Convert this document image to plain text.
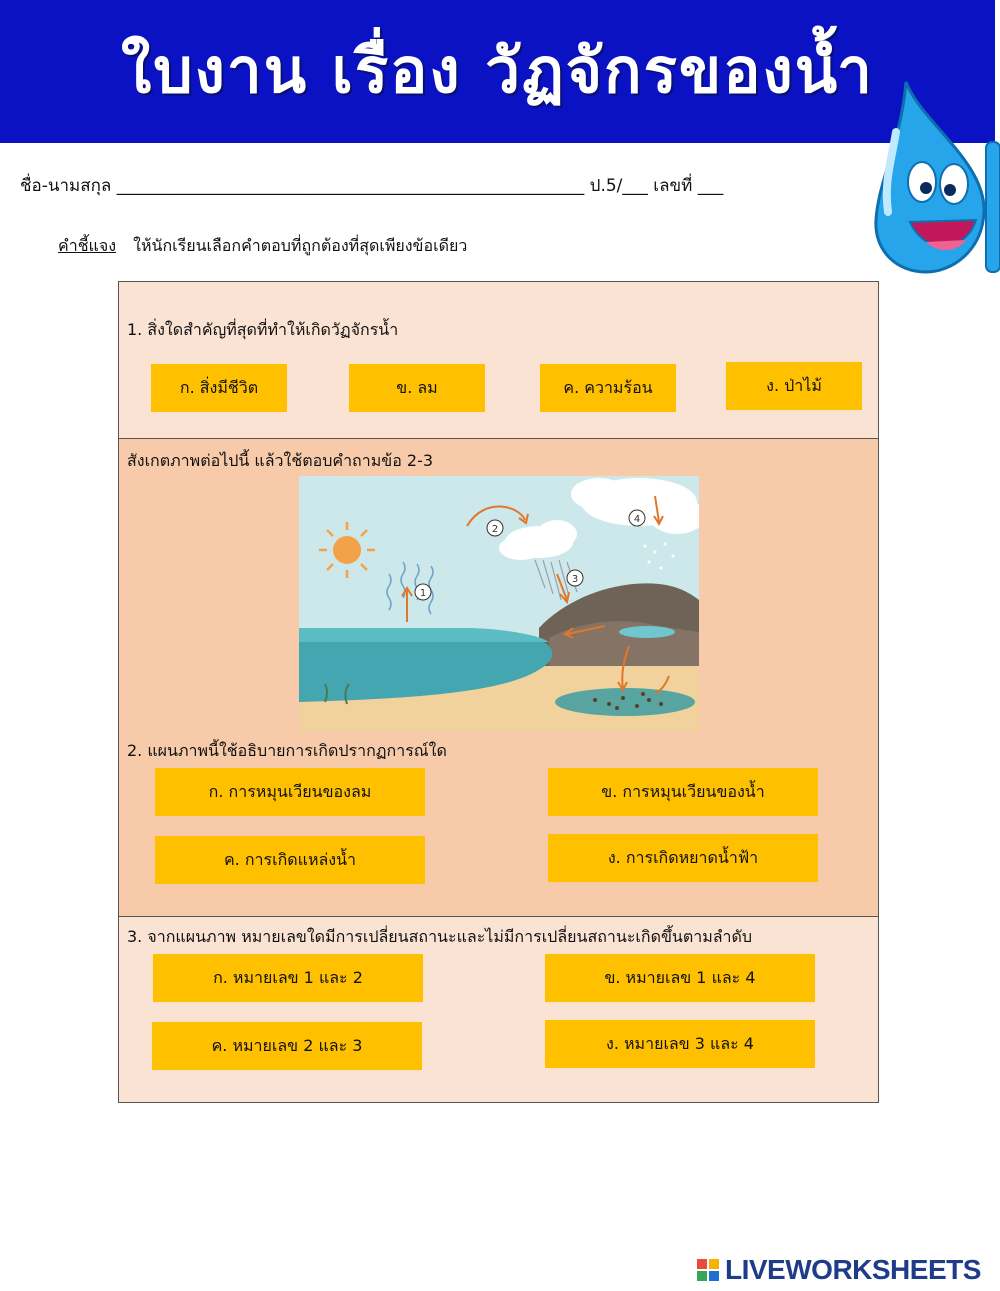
ใบงาน เรื่อง วัฏจักรของน้ำ
ชื่อ-นามสกุล _______________________________________________________ ป.5/___ เลขที่ ___
คำชี้แจง ให้นักเรียนเลือกคำตอบที่ถูกต้องที่สุดเพียงข้อเดียว
1. สิ่งใดสำคัญที่สุดที่ทำให้เกิดวัฏจักรน้ำ
ก. สิ่งมีชีวิต	ข. ลม	ค. ความร้อน	ง. ป่าไม้
สังเกตภาพต่อไปนี้ แล้วใช้ตอบคำถามข้อ 2-3
2. แผนภาพนี้ใช้อธิบายการเกิดปรากฏการณ์ใด
1
2
3
4
ก. การหมุนเวียนของลม	ข. การหมุนเวียนของน้ำ
ค. การเกิดแหล่งน้ำ	ง. การเกิดหยาดน้ำฟ้า
3. จากแผนภาพ หมายเลขใดมีการเปลี่ยนสถานะและไม่มีการเปลี่ยนสถานะเกิดขึ้นตามลำดับ
ก. หมายเลข 1 และ 2	ข. หมายเลข 1 และ 4
ค. หมายเลข 2 และ 3	ง. หมายเลข 3 และ 4
LIVEWORKSHEETS
